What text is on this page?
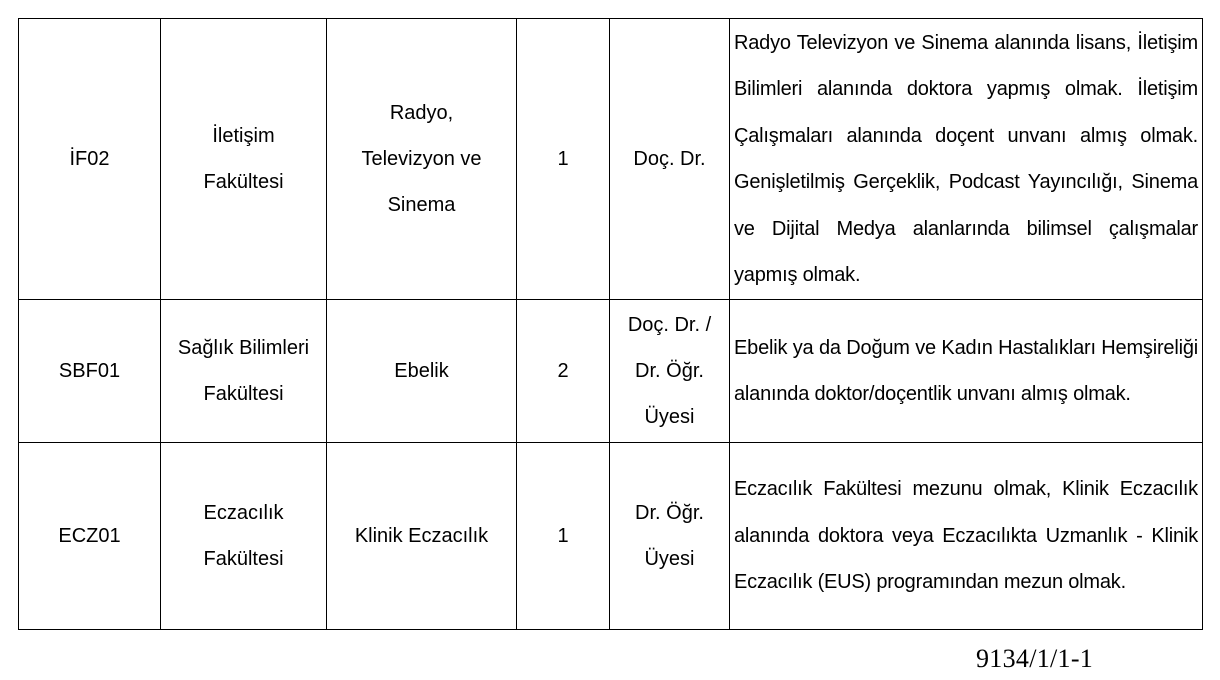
İF02	İletişim Fakültesi	Radyo, Televizyon ve Sinema	1	Doç. Dr.	Radyo Televizyon ve Sinema alanında lisans, İletişim Bilimleri alanında doktora yapmış olmak. İletişim Çalışmaları alanında doçent unvanı almış olmak. Genişletilmiş Gerçeklik, Podcast Yayıncılığı, Sinema ve Dijital Medya alanlarında bilimsel çalışmalar yapmış olmak.

SBF01	Sağlık Bilimleri Fakültesi	Ebelik	2	Doç. Dr. / Dr. Öğr. Üyesi	Ebelik ya da Doğum ve Kadın Hastalıkları Hemşireliği alanında doktor/doçentlik unvanı almış olmak.

ECZ01	Eczacılık Fakültesi	Klinik Eczacılık	1	Dr. Öğr. Üyesi	Eczacılık Fakültesi mezunu olmak, Klinik Eczacılık alanında doktora veya Eczacılıkta Uzmanlık - Klinik Eczacılık (EUS) programından mezun olmak.
9134/1/1-1
